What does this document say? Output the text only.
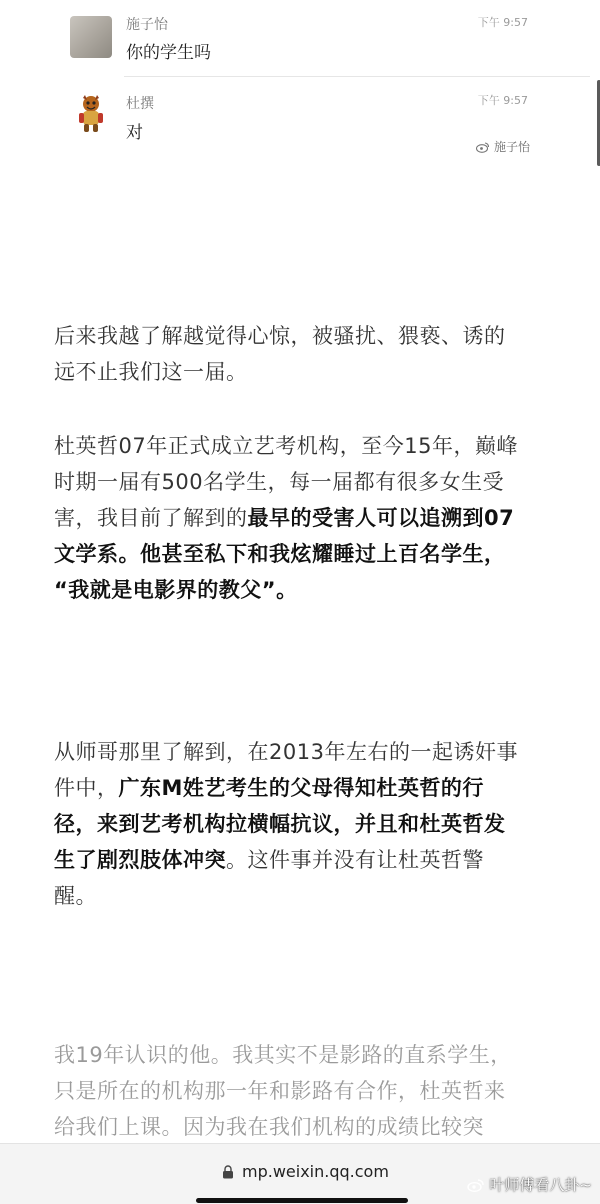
施子怡
你的学生吗
下午 9:57
杜撰
对
下午 9:57
施子怡

后来我越了解越觉得心惊，被骚扰、猥亵、诱的
远不止我们这一届。

杜英哲07年正式成立艺考机构，至今15年，巅峰
时期一届有500名学生，每一届都有很多女生受
害，我目前了解到的最早的受害人可以追溯到07
文学系。他甚至私下和我炫耀睡过上百名学生，
“我就是电影界的教父”。

从师哥那里了解到，在2013年左右的一起诱奸事
件中，广东M姓艺考生的父母得知杜英哲的行
径，来到艺考机构拉横幅抗议，并且和杜英哲发
生了剧烈肢体冲突。这件事并没有让杜英哲警
醒。

我19年认识的他。我其实不是影路的直系学生，
只是所在的机构那一年和影路有合作，杜英哲来
给我们上课。因为我在我们机构的成绩比较突

mp.weixin.qq.com
叶师傅看八卦~
